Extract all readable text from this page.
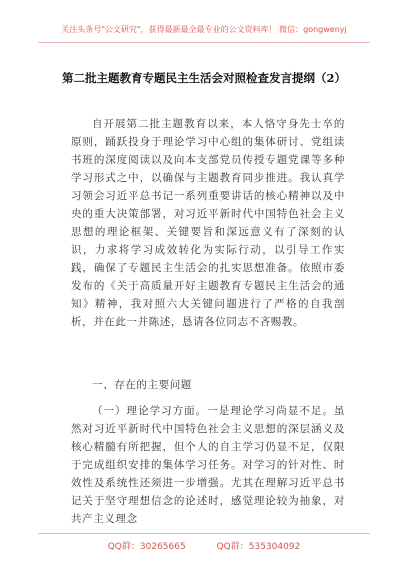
关注头条号"公文研究"，获得最新最全最专业的公文资料库！ 微信：gongwenyj
第二批主题教育专题民主生活会对照检查发言提纲（2）

自开展第二批主题教育以来，本人恪守身先士卒的原则，踊跃投身于理论学习中心组的集体研讨、党组读书班的深度阅读以及向本支部党员传授专题党课等多种学习形式之中，以确保与主题教育同步推进。我认真学习领会习近平总书记一系列重要讲话的核心精神以及中央的重大决策部署，对习近平新时代中国特色社会主义思想的理论框架、关键要旨和深远意义有了深刻的认识，力求将学习成效转化为实际行动，以引导工作实践，确保了专题民主生活会的扎实思想准备。依照市委发布的《关于高质量开好主题教育专题民主生活会的通知》精神，我对照六大关键问题进行了严格的自我剖析，并在此一并陈述，恳请各位同志不吝赐教。

一、存在的主要问题

（一）理论学习方面。一是理论学习尚显不足。虽然对习近平新时代中国特色社会主义思想的深层涵义及核心精髓有所把握，但个人的自主学习仍显不足，仅限于完成组织安排的集体学习任务。对学习的针对性、时效性及系统性还须进一步增强。尤其在理解习近平总书记关于坚守理想信念的论述时，感觉理论较为抽象，对共产主义理念

QQ群：30265665	QQ群：535304092
